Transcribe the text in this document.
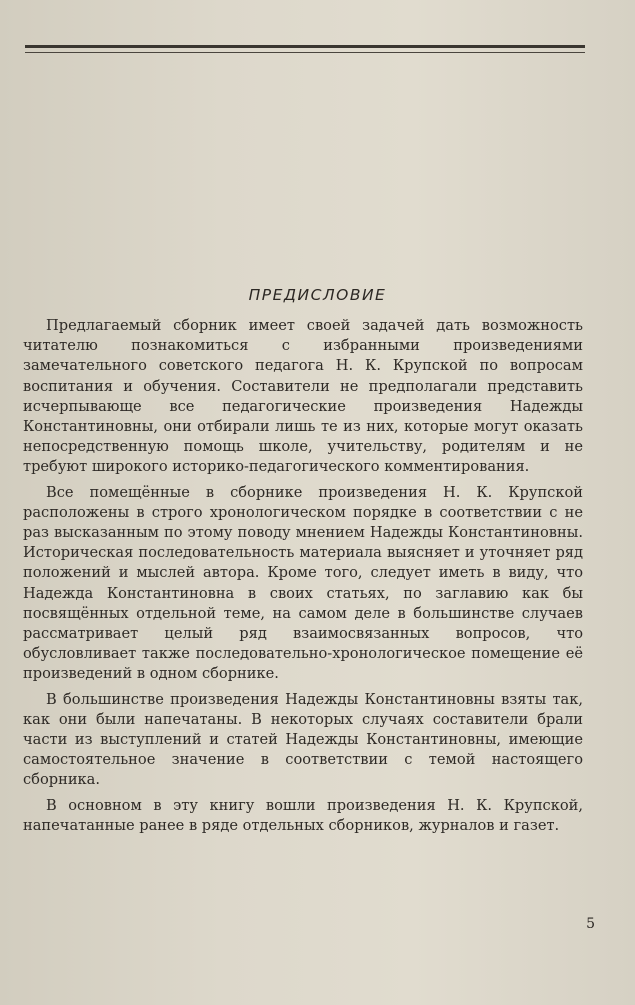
ПРЕДИСЛОВИЕ

Предлагаемый сборник имеет своей задачей дать возможность читателю познакомиться с избранными произведениями замечательного советского педагога Н. К. Крупской по вопросам воспитания и обучения. Составители не предполагали представить исчерпывающе все педагогические произведения Надежды Константиновны, они отбирали лишь те из них, которые могут оказать непосредственную помощь школе, учительству, родителям и не требуют широкого историко-педагогического комментирования.

Все помещённые в сборнике произведения Н. К. Крупской расположены в строго хронологическом порядке в соответствии с не раз высказанным по этому поводу мнением Надежды Константиновны. Историческая последовательность материала выясняет и уточняет ряд положений и мыслей автора. Кроме того, следует иметь в виду, что Надежда Константиновна в своих статьях, по заглавию как бы посвящённых отдельной теме, на самом деле в большинстве случаев рассматривает целый ряд взаимосвязанных вопросов, что обусловливает также последовательно-хронологическое помещение её произведений в одном сборнике.

В большинстве произведения Надежды Константиновны взяты так, как они были напечатаны. В некоторых случаях составители брали части из выступлений и статей Надежды Константиновны, имеющие самостоятельное значение в соответствии с темой настоящего сборника.

В основном в эту книгу вошли произведения Н. К. Крупской, напечатанные ранее в ряде отдельных сборников, журналов и газет.

5
